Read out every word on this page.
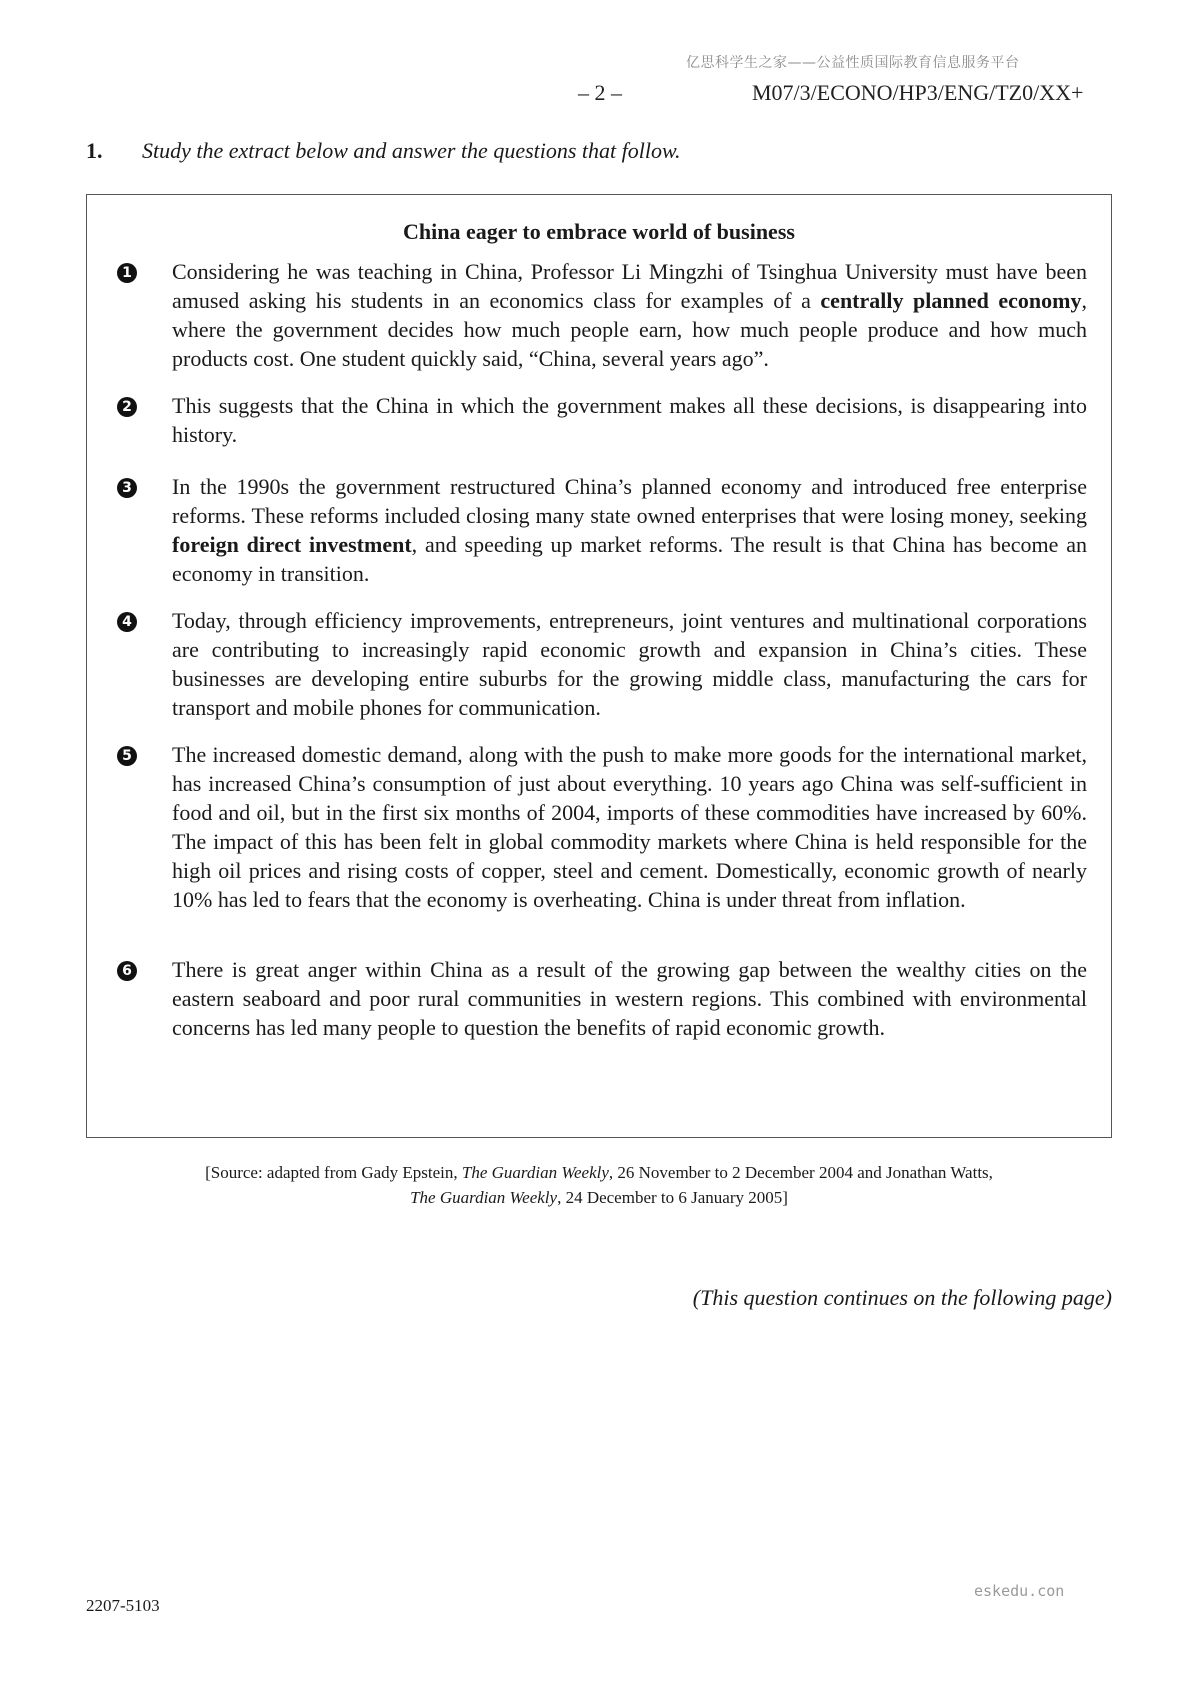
亿思科学生之家——公益性质国际教育信息服务平台
– 2 –	M07/3/ECONO/HP3/ENG/TZ0/XX+
1. Study the extract below and answer the questions that follow.
China eager to embrace world of business
1 Considering he was teaching in China, Professor Li Mingzhi of Tsinghua University must have been amused asking his students in an economics class for examples of a centrally planned economy, where the government decides how much people earn, how much people produce and how much products cost. One student quickly said, “China, several years ago”.
2 This suggests that the China in which the government makes all these decisions, is disappearing into history.
3 In the 1990s the government restructured China’s planned economy and introduced free enterprise reforms. These reforms included closing many state owned enterprises that were losing money, seeking foreign direct investment, and speeding up market reforms. The result is that China has become an economy in transition.
4 Today, through efficiency improvements, entrepreneurs, joint ventures and multinational corporations are contributing to increasingly rapid economic growth and expansion in China’s cities. These businesses are developing entire suburbs for the growing middle class, manufacturing the cars for transport and mobile phones for communication.
5 The increased domestic demand, along with the push to make more goods for the international market, has increased China’s consumption of just about everything. 10 years ago China was self-sufficient in food and oil, but in the first six months of 2004, imports of these commodities have increased by 60%. The impact of this has been felt in global commodity markets where China is held responsible for the high oil prices and rising costs of copper, steel and cement. Domestically, economic growth of nearly 10% has led to fears that the economy is overheating. China is under threat from inflation.
6 There is great anger within China as a result of the growing gap between the wealthy cities on the eastern seaboard and poor rural communities in western regions. This combined with environmental concerns has led many people to question the benefits of rapid economic growth.
[Source: adapted from Gady Epstein, The Guardian Weekly, 26 November to 2 December 2004 and Jonathan Watts,
The Guardian Weekly, 24 December to 6 January 2005]
(This question continues on the following page)
2207-5103
eskedu.con
